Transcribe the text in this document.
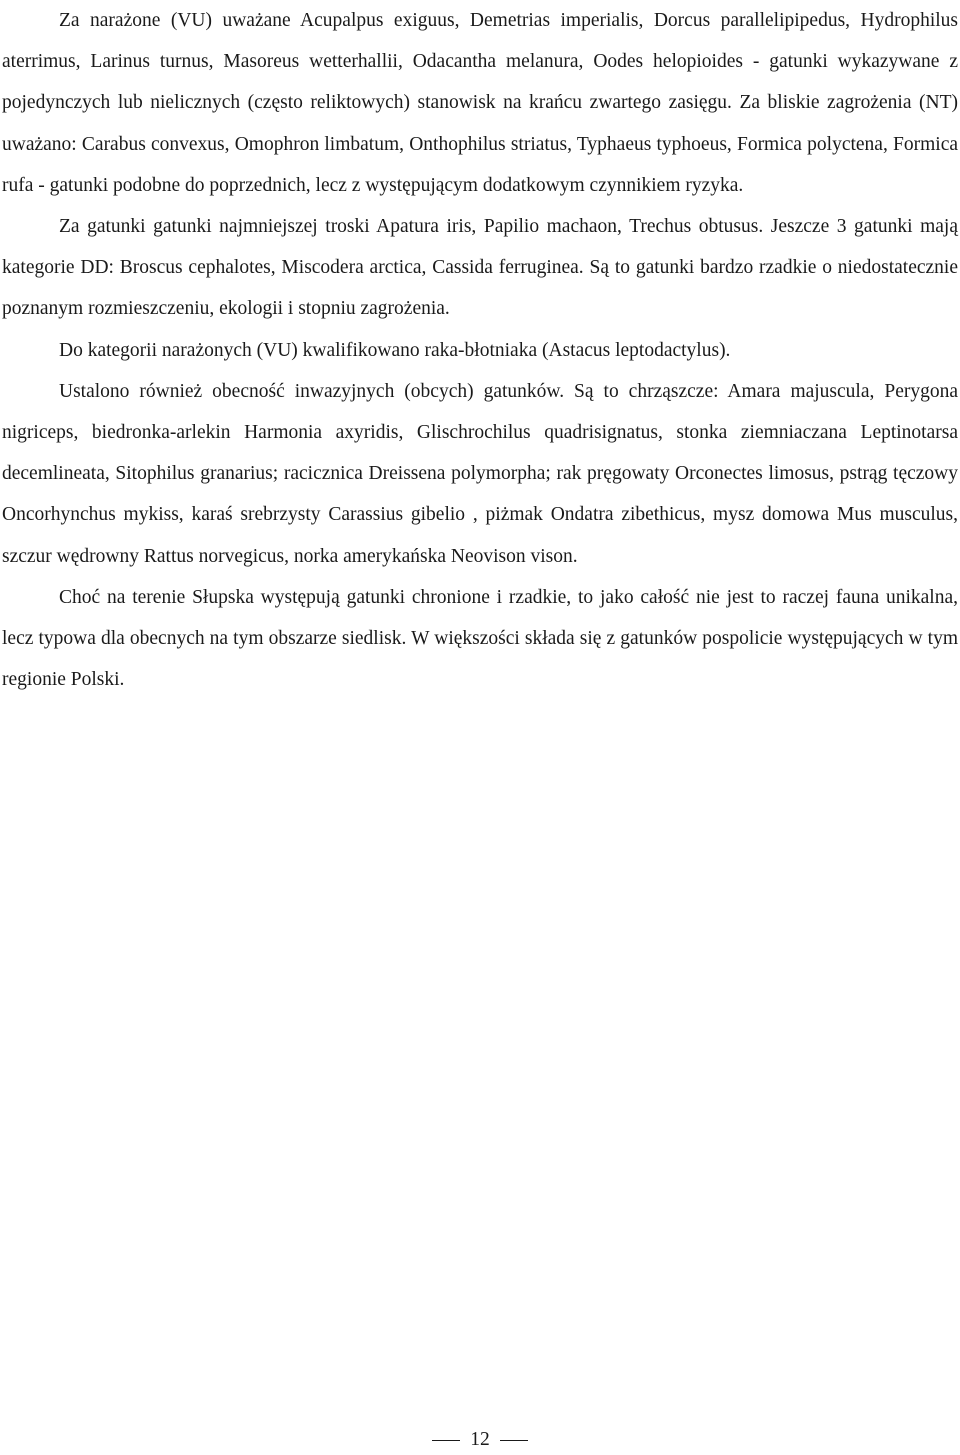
Za narażone (VU) uważane Acupalpus exiguus, Demetrias imperialis, Dorcus parallelipipedus, Hydrophilus aterrimus, Larinus turnus, Masoreus wetterhallii, Odacantha melanura, Oodes helopioides - gatunki wykazywane z pojedynczych lub nielicznych (często reliktowych) stanowisk na krańcu zwartego zasięgu. Za bliskie zagrożenia (NT) uważano: Carabus convexus, Omophron limbatum, Onthophilus striatus, Typhaeus typhoeus, Formica polyctena, Formica rufa - gatunki podobne do poprzednich, lecz z występującym dodatkowym czynnikiem ryzyka.

Za gatunki gatunki najmniejszej troski Apatura iris, Papilio machaon, Trechus obtusus. Jeszcze 3 gatunki mają kategorie DD: Broscus cephalotes, Miscodera arctica, Cassida ferruginea. Są to gatunki bardzo rzadkie o niedostatecznie poznanym rozmieszczeniu, ekologii i stopniu zagrożenia.

Do kategorii narażonych (VU) kwalifikowano raka-błotniaka (Astacus leptodactylus).

Ustalono również obecność inwazyjnych (obcych) gatunków. Są to chrząszcze: Amara majuscula, Perygona nigriceps, biedronka-arlekin Harmonia axyridis, Glischrochilus quadrisignatus, stonka ziemniaczana Leptinotarsa decemlineata, Sitophilus granarius; racicznica Dreissena polymorpha; rak pręgowaty Orconectes limosus, pstrąg tęczowy Oncorhynchus mykiss, karaś srebrzysty Carassius gibelio , piżmak Ondatra zibethicus, mysz domowa Mus musculus, szczur wędrowny Rattus norvegicus, norka amerykańska Neovison vison.

Choć na terenie Słupska występują gatunki chronione i rzadkie, to jako całość nie jest to raczej fauna unikalna, lecz typowa dla obecnych na tym obszarze siedlisk. W większości składa się z gatunków pospolicie występujących w tym regionie Polski.

12
